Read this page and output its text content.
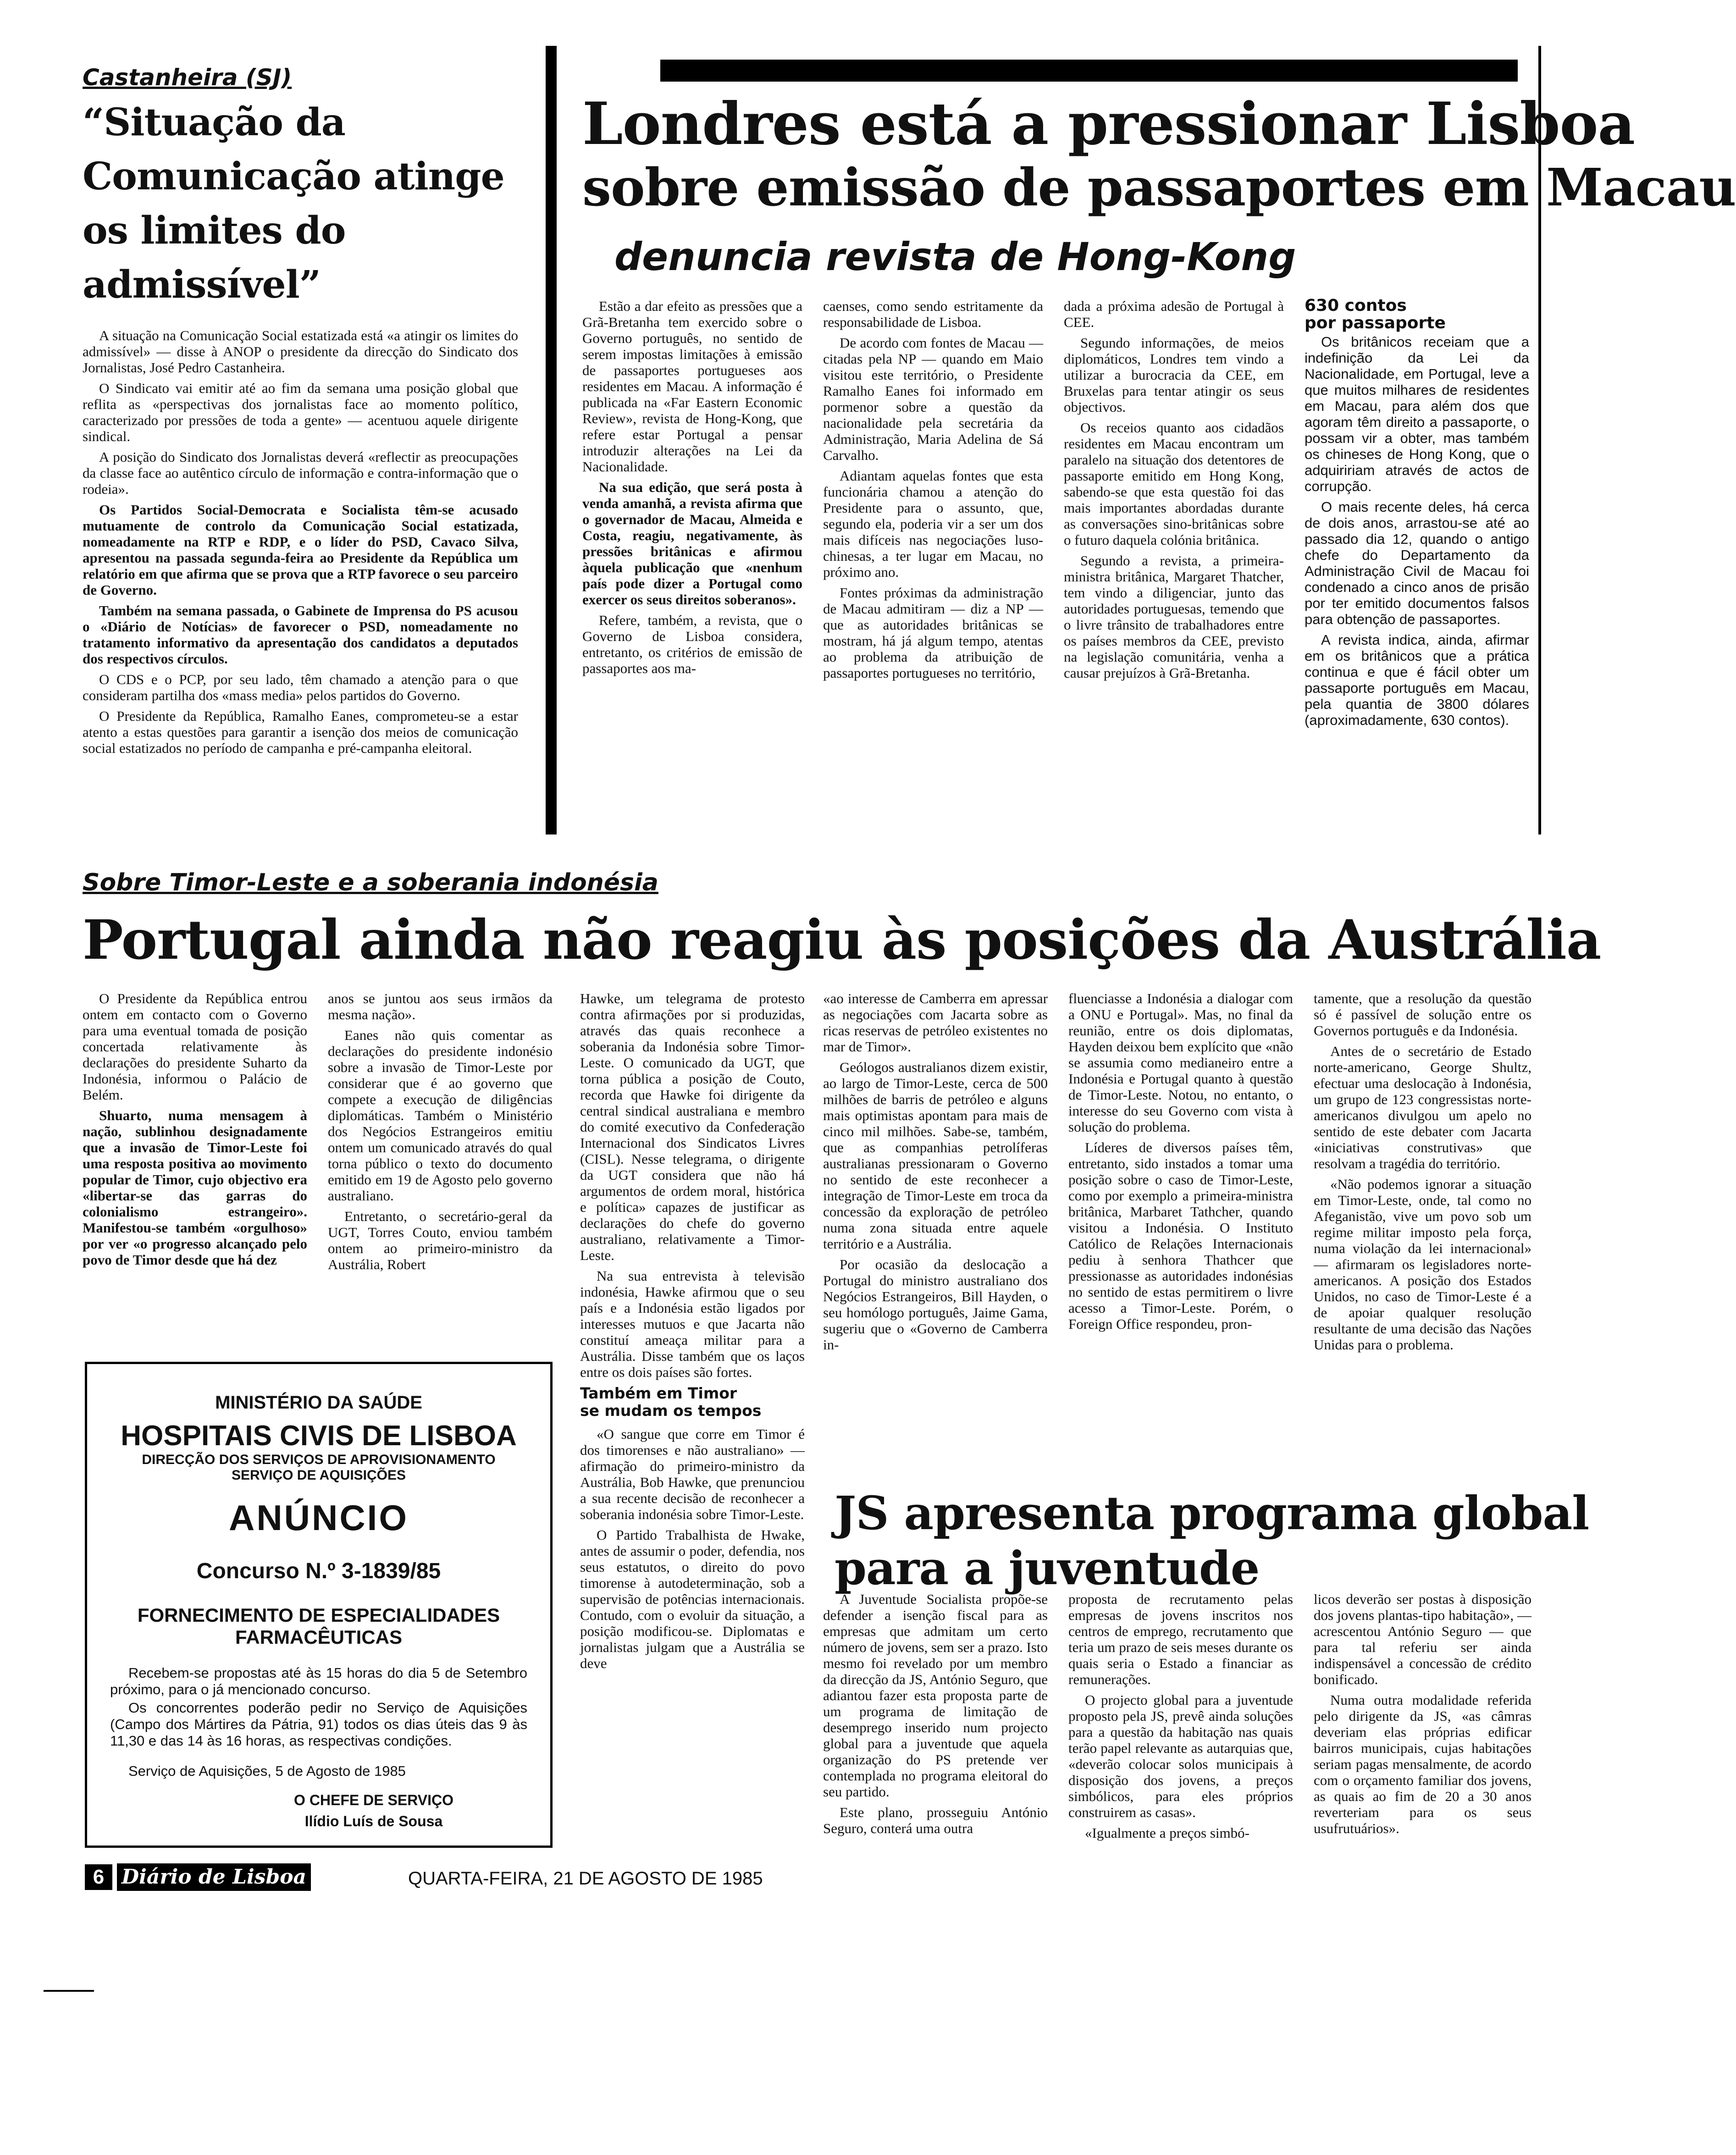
Castanheira (SJ)
“Situação da Comunicação atinge os limites do admissível”

A situação na Comunicação Social estatizada está «a atingir os limites do admissível» — disse à ANOP o presidente da direcção do Sindicato dos Jornalistas, José Pedro Castanheira.

O Sindicato vai emitir até ao fim da semana uma posição global que reflita as «perspectivas dos jornalistas face ao momento político, caracterizado por pressões de toda a gente» — acentuou aquele dirigente sindical.

A posição do Sindicato dos Jornalistas deverá «reflectir as preocupações da classe face ao autêntico círculo de informação e contra-informação que o rodeia».

Os Partidos Social-Democrata e Socialista têm-se acusado mutuamente de controlo da Comunicação Social estatizada, nomeadamente na RTP e RDP, e o líder do PSD, Cavaco Silva, apresentou na passada segunda-feira ao Presidente da República um relatório em que afirma que se prova que a RTP favorece o seu parceiro de Governo.

Também na semana passada, o Gabinete de Imprensa do PS acusou o «Diário de Notícias» de favorecer o PSD, nomeadamente no tratamento informativo da apresentação dos candidatos a deputados dos respectivos círculos.

O CDS e o PCP, por seu lado, têm chamado a atenção para o que consideram partilha dos «mass media» pelos partidos do Governo.

O Presidente da República, Ramalho Eanes, comprometeu-se a estar atento a estas questões para garantir a isenção dos meios de comunicação social estatizados no período de campanha e pré-campanha eleitoral.

Londres está a pressionar Lisboa
sobre emissão de passaportes em Macau
denuncia revista de Hong-Kong

Estão a dar efeito as pressões que a Grã-Bretanha tem exercido sobre o Governo português, no sentido de serem impostas limitações à emissão de passaportes portugueses aos residentes em Macau. A informação é publicada na «Far Eastern Economic Review», revista de Hong-Kong, que refere estar Portugal a pensar introduzir alterações na Lei da Nacionalidade.

Na sua edição, que será posta à venda amanhã, a revista afirma que o governador de Macau, Almeida e Costa, reagiu, negativamente, às pressões britânicas e afirmou àquela publicação que «nenhum país pode dizer a Portugal como exercer os seus direitos soberanos».

Refere, também, a revista, que o Governo de Lisboa considera, entretanto, os critérios de emissão de passaportes aos ma-

caenses, como sendo estritamente da responsabilidade de Lisboa.

De acordo com fontes de Macau —citadas pela NP — quando em Maio visitou este território, o Presidente Ramalho Eanes foi informado em pormenor sobre a questão da nacionalidade pela secretária da Administração, Maria Adelina de Sá Carvalho.

Adiantam aquelas fontes que esta funcionária chamou a atenção do Presidente para o assunto, que, segundo ela, poderia vir a ser um dos mais difíceis nas negociações luso-chinesas, a ter lugar em Macau, no próximo ano.

Fontes próximas da administração de Macau admitiram — diz a NP — que as autoridades britânicas se mostram, há já algum tempo, atentas ao problema da atribuição de passaportes portugueses no território,

dada a próxima adesão de Portugal à CEE.

Segundo informações, de meios diplomáticos, Londres tem vindo a utilizar a burocracia da CEE, em Bruxelas para tentar atingir os seus objectivos.

Os receios quanto aos cidadãos residentes em Macau encontram um paralelo na situação dos detentores de passaporte emitido em Hong Kong, sabendo-se que esta questão foi das mais importantes abordadas durante as conversações sino-britânicas sobre o futuro daquela colónia britânica.

Segundo a revista, a primeira-ministra britânica, Margaret Thatcher, tem vindo a diligenciar, junto das autoridades portuguesas, temendo que o livre trânsito de trabalhadores entre os países membros da CEE, previsto na legislação comunitária, venha a causar prejuízos à Grã-Bretanha.

630 contos
por passaporte

Os britânicos receiam que a indefinição da Lei da Nacionalidade, em Portugal, leve a que muitos milhares de residentes em Macau, para além dos que agoram têm direito a passaporte, o possam vir a obter, mas também os chineses de Hong Kong, que o adquiririam através de actos de corrupção.

O mais recente deles, há cerca de dois anos, arrastou-se até ao passado dia 12, quando o antigo chefe do Departamento da Administração Civil de Macau foi condenado a cinco anos de prisão por ter emitido documentos falsos para obtenção de passaportes.

A revista indica, ainda, afirmar em os britânicos que a prática continua e que é fácil obter um passaporte português em Macau, pela quantia de 3800 dólares (aproximadamente, 630 contos).

Sobre Timor-Leste e a soberania indonésia
Portugal ainda não reagiu às posições da Austrália

O Presidente da República entrou ontem em contacto com o Governo para uma eventual tomada de posição concertada relativamente às declarações do presidente Suharto da Indonésia, informou o Palácio de Belém.

Shuarto, numa mensagem à nação, sublinhou designadamente que a invasão de Timor-Leste foi uma resposta positiva ao movimento popular de Timor, cujo objectivo era «libertar-se das garras do colonialismo estrangeiro». Manifestou-se também «orgulhoso» por ver «o progresso alcançado pelo povo de Timor desde que há dez

anos se juntou aos seus irmãos da mesma nação».

Eanes não quis comentar as declarações do presidente indonésio sobre a invasão de Timor-Leste por considerar que é ao governo que compete a execução de diligências diplomáticas. Também o Ministério dos Negócios Estrangeiros emitiu ontem um comunicado através do qual torna público o texto do documento emitido em 19 de Agosto pelo governo australiano.

Entretanto, o secretário-geral da UGT, Torres Couto, enviou também ontem ao primeiro-ministro da Austrália, Robert

Hawke, um telegrama de protesto contra afirmações por si produzidas, através das quais reconhece a soberania da Indonésia sobre Timor-Leste. O comunicado da UGT, que torna pública a posição de Couto, recorda que Hawke foi dirigente da central sindical australiana e membro do comité executivo da Confederação Internacional dos Sindicatos Livres (CISL). Nesse telegrama, o dirigente da UGT considera que não há argumentos de ordem moral, histórica e política» capazes de justificar as declarações do chefe do governo australiano, relativamente a Timor-Leste.

Na sua entrevista à televisão indonésia, Hawke afirmou que o seu país e a Indonésia estão ligados por interesses mutuos e que Jacarta não constituí ameaça militar para a Austrália. Disse também que os laços entre os dois países são fortes.

Também em Timor
se mudam os tempos

«O sangue que corre em Timor é dos timorenses e não australiano» — afirmação do primeiro-ministro da Austrália, Bob Hawke, que prenunciou a sua recente decisão de reconhecer a soberania indonésia sobre Timor-Leste.

O Partido Trabalhista de Hwake, antes de assumir o poder, defendia, nos seus estatutos, o direito do povo timorense à autodeterminação, sob a supervisão de potências internacionais. Contudo, com o evoluir da situação, a posição modificou-se. Diplomatas e jornalistas julgam que a Austrália se deve

«ao interesse de Camberra em apressar as negociações com Jacarta sobre as ricas reservas de petróleo existentes no mar de Timor».

Geólogos australianos dizem existir, ao largo de Timor-Leste, cerca de 500 milhões de barris de petróleo e alguns mais optimistas apontam para mais de cinco mil milhões. Sabe-se, também, que as companhias petrolíferas australianas pressionaram o Governo no sentido de este reconhecer a integração de Timor-Leste em troca da concessão da exploração de petróleo numa zona situada entre aquele território e a Austrália.

Por ocasião da deslocação a Portugal do ministro australiano dos Negócios Estrangeiros, Bill Hayden, o seu homólogo português, Jaime Gama, sugeriu que o «Governo de Camberra in-

fluenciasse a Indonésia a dialogar com a ONU e Portugal». Mas, no final da reunião, entre os dois diplomatas, Hayden deixou bem explícito que «não se assumia como medianeiro entre a Indonésia e Portugal quanto à questão de Timor-Leste. Notou, no entanto, o interesse do seu Governo com vista à solução do problema.

Líderes de diversos países têm, entretanto, sido instados a tomar uma posição sobre o caso de Timor-Leste, como por exemplo a primeira-ministra britânica, Marbaret Tathcher, quando visitou a Indonésia. O Instituto Católico de Relações Internacionais pediu à senhora Thathcer que pressionasse as autoridades indonésias no sentido de estas permitirem o livre acesso a Timor-Leste. Porém, o Foreign Office respondeu, pron-

tamente, que a resolução da questão só é passível de solução entre os Governos português e da Indonésia.

Antes de o secretário de Estado norte-americano, George Shultz, efectuar uma deslocação à Indonésia, um grupo de 123 congressistas norte-americanos divulgou um apelo no sentido de este debater com Jacarta «iniciativas construtivas» que resolvam a tragédia do território.

«Não podemos ignorar a situação em Timor-Leste, onde, tal como no Afeganistão, vive um povo sob um regime militar imposto pela força, numa violação da lei internacional» — afirmaram os legisladores norte-americanos. A posição dos Estados Unidos, no caso de Timor-Leste é a de apoiar qualquer resolução resultante de uma decisão das Nações Unidas para o problema.

JS apresenta programa global
para a juventude

A Juventude Socialista propõe-se defender a isenção fiscal para as empresas que admitam um certo número de jovens, sem ser a prazo. Isto mesmo foi revelado por um membro da direcção da JS, António Seguro, que adiantou fazer esta proposta parte de um programa de limitação de desemprego inserido num projecto global para a juventude que aquela organização do PS pretende ver contemplada no programa eleitoral do seu partido.

Este plano, prosseguiu António Seguro, conterá uma outra

proposta de recrutamento pelas empresas de jovens inscritos nos centros de emprego, recrutamento que teria um prazo de seis meses durante os quais seria o Estado a financiar as remunerações.

O projecto global para a juventude proposto pela JS, prevê ainda soluções para a questão da habitação nas quais terão papel relevante as autarquias que, «deverão colocar solos municipais à disposição dos jovens, a preços simbólicos, para eles próprios construirem as casas».

«Igualmente a preços simbó-

licos deverão ser postas à disposição dos jovens plantas-tipo habitação», — acrescentou António Seguro — que para tal referiu ser ainda indispensável a concessão de crédito bonificado.

Numa outra modalidade referida pelo dirigente da JS, «as câmras deveriam elas próprias edificar bairros municipais, cujas habitações seriam pagas mensalmente, de acordo com o orçamento familiar dos jovens, as quais ao fim de 20 a 30 anos reverteriam para os seus usufrutuários».

MINISTÉRIO DA SAÚDE
HOSPITAIS CIVIS DE LISBOA
DIRECÇÃO DOS SERVIÇOS DE APROVISIONAMENTO
SERVIÇO DE AQUISIÇÕES
ANÚNCIO
Concurso N.º 3-1839/85
FORNECIMENTO DE ESPECIALIDADES
FARMACÊUTICAS
Recebem-se propostas até às 15 horas do dia 5 de Setembro próximo, para o já mencionado concurso.
Os concorrentes poderão pedir no Serviço de Aquisições (Campo dos Mártires da Pátria, 91) todos os dias úteis das 9 às 11,30 e das 14 às 16 horas, as respectivas condições.
Serviço de Aquisições, 5 de Agosto de 1985
O CHEFE DE SERVIÇO
Ilídio Luís de Sousa
6 Diário de Lisboa	QUARTA-FEIRA, 21 DE AGOSTO DE 1985
